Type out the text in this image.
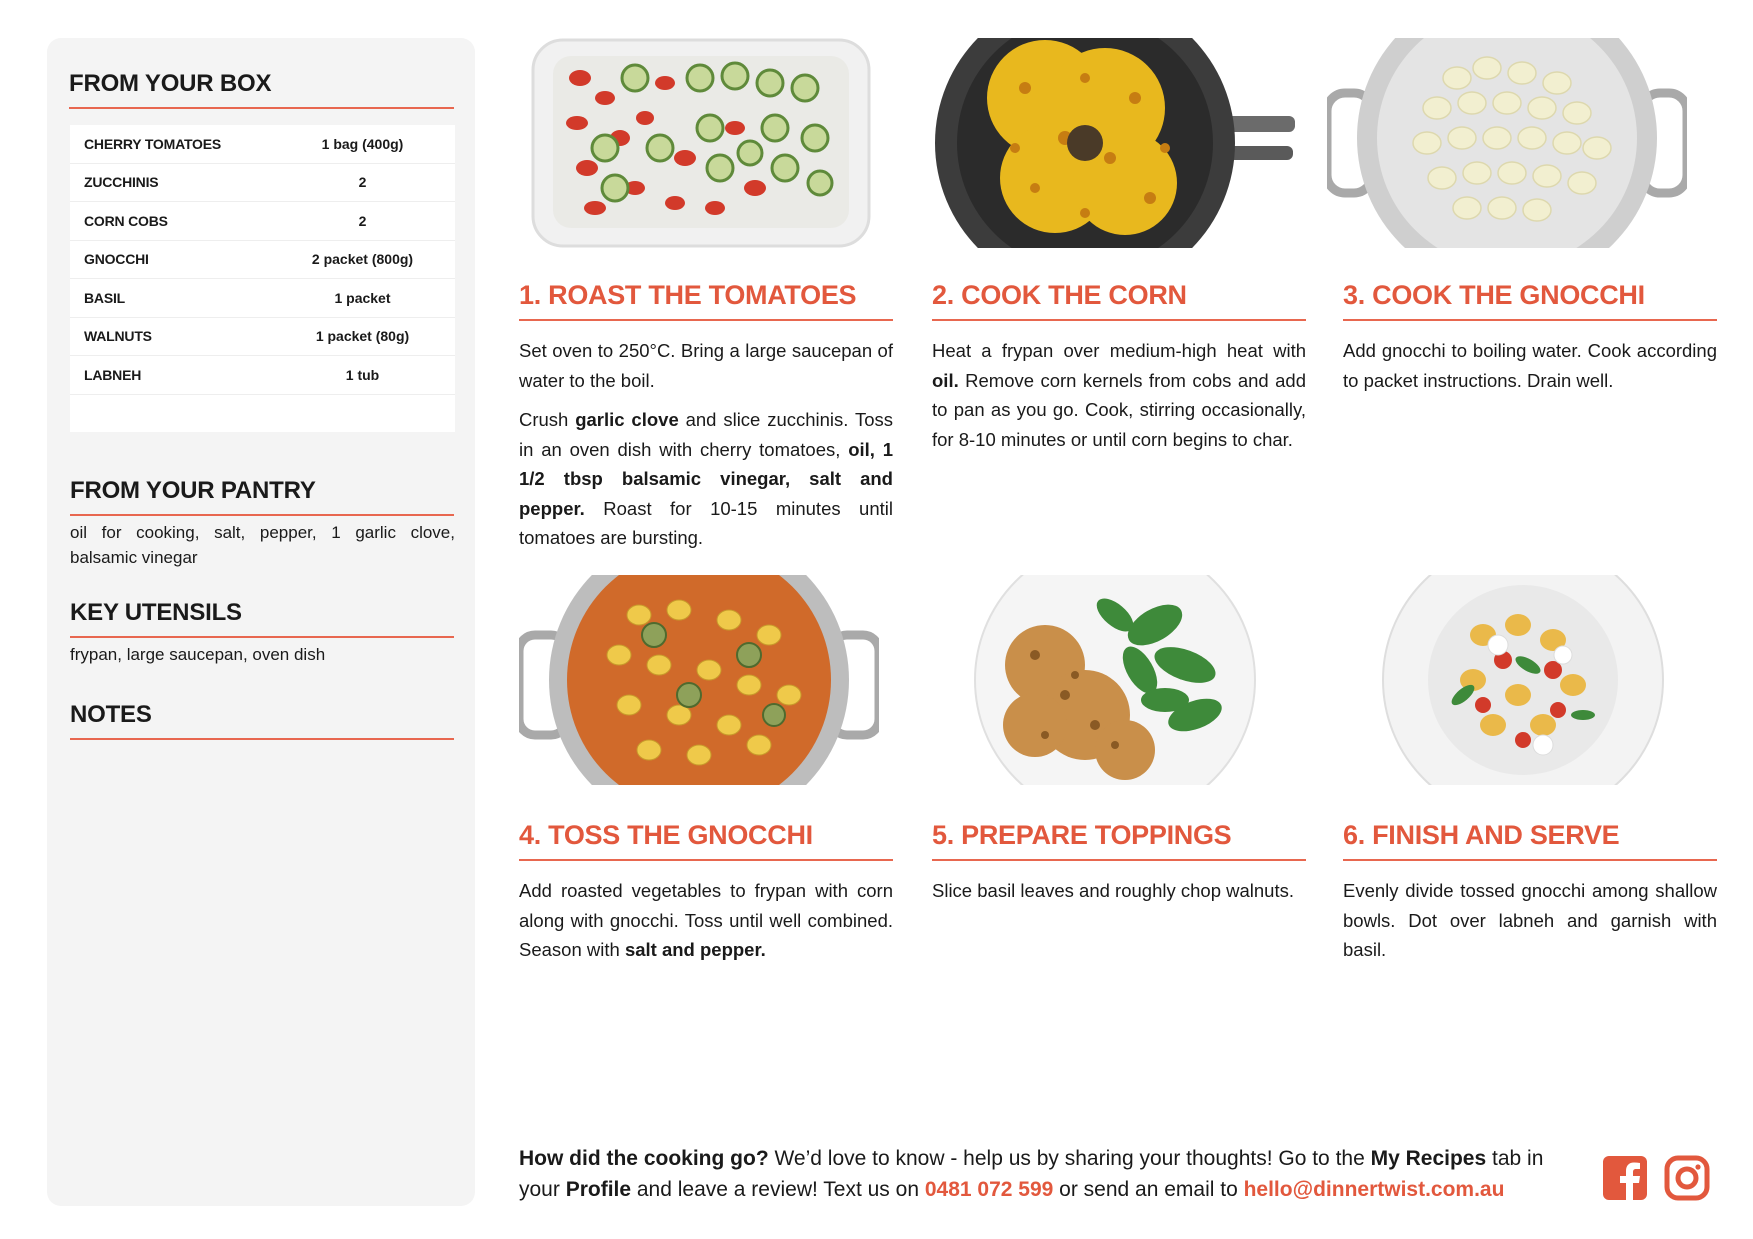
FROM YOUR BOX
CHERRY TOMATOES	1 bag (400g)
ZUCCHINIS	2
CORN COBS	2
GNOCCHI	2 packet (800g)
BASIL	1 packet
WALNUTS	1 packet (80g)
LABNEH	1 tub
FROM YOUR PANTRY
oil for cooking, salt, pepper, 1 garlic clove, balsamic vinegar
KEY UTENSILS
frypan, large saucepan, oven dish
NOTES
1. ROAST THE TOMATOES

Set oven to 250°C. Bring a large saucepan of water to the boil.

Crush garlic clove and slice zucchinis. Toss in an oven dish with cherry tomatoes, oil, 1 1/2 tbsp balsamic vinegar, salt and pepper. Roast for 10-15 minutes until tomatoes are bursting.

2. COOK THE CORN

Heat a frypan over medium-high heat with oil. Remove corn kernels from cobs and add to pan as you go. Cook, stirring occasionally, for 8-10 minutes or until corn begins to char.

3. COOK THE GNOCCHI

Add gnocchi to boiling water. Cook according to packet instructions. Drain well.

4. TOSS THE GNOCCHI

Add roasted vegetables to frypan with corn along with gnocchi. Toss until well combined. Season with salt and pepper.

5. PREPARE TOPPINGS

Slice basil leaves and roughly chop walnuts.

6. FINISH AND SERVE

Evenly divide tossed gnocchi among shallow bowls. Dot over labneh and garnish with basil.

How did the cooking go? We’d love to know - help us by sharing your thoughts! Go to the My Recipes tab in your Profile and leave a review! Text us on 0481 072 599 or send an email to hello@dinnertwist.com.au
